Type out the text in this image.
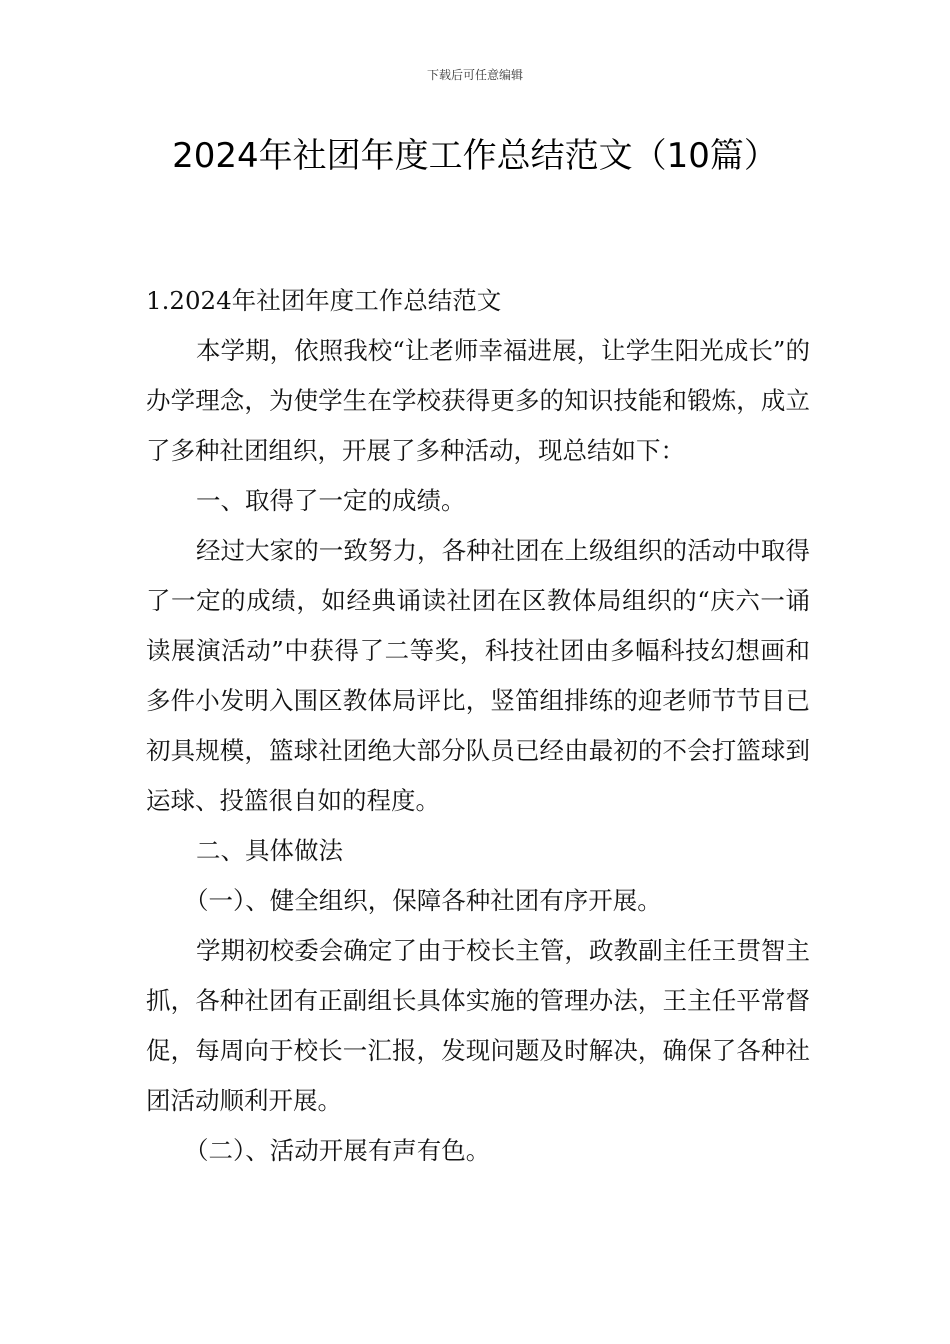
下载后可任意编辑
2024年社团年度工作总结范文（10篇）

1.2024年社团年度工作总结范文

本学期，依照我校“让老师幸福进展，让学生阳光成长”的办学理念，为使学生在学校获得更多的知识技能和锻炼，成立了多种社团组织，开展了多种活动，现总结如下：

一、取得了一定的成绩。

经过大家的一致努力，各种社团在上级组织的活动中取得了一定的成绩，如经典诵读社团在区教体局组织的“庆六一诵读展演活动”中获得了二等奖，科技社团由多幅科技幻想画和多件小发明入围区教体局评比，竖笛组排练的迎老师节节目已初具规模，篮球社团绝大部分队员已经由最初的不会打篮球到运球、投篮很自如的程度。

二、具体做法

（一）、健全组织，保障各种社团有序开展。

学期初校委会确定了由于校长主管，政教副主任王贯智主抓，各种社团有正副组长具体实施的管理办法，王主任平常督促，每周向于校长一汇报，发现问题及时解决，确保了各种社团活动顺利开展。

（二）、活动开展有声有色。
